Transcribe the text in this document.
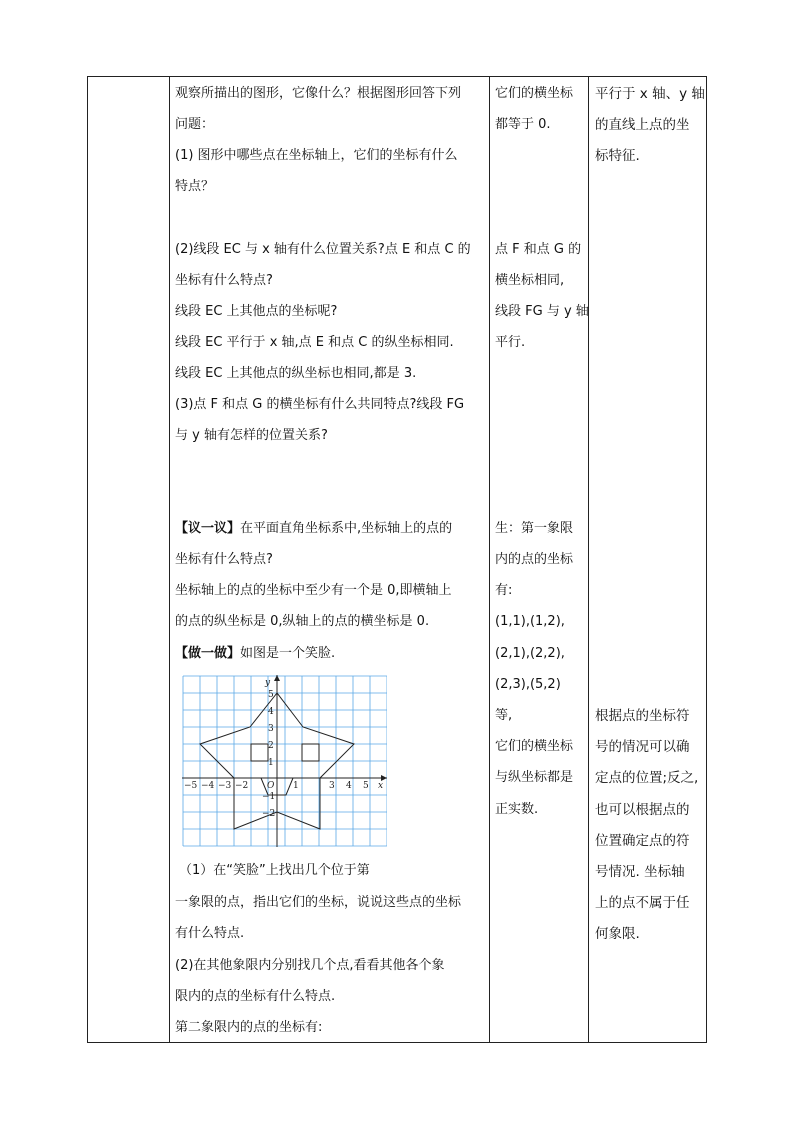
观察所描出的图形，它像什么？根据图形回答下列
问题：
(1) 图形中哪些点在坐标轴上，它们的坐标有什么
特点？
(2)线段 EC 与 x 轴有什么位置关系?点 E 和点 C 的
坐标有什么特点?
线段 EC 上其他点的坐标呢?
线段 EC 平行于 x 轴,点 E 和点 C 的纵坐标相同.
线段 EC 上其他点的纵坐标也相同,都是 3.
(3)点 F 和点 G 的横坐标有什么共同特点?线段 FG
与 y 轴有怎样的位置关系?
【议一议】在平面直角坐标系中,坐标轴上的点的
坐标有什么特点?
坐标轴上的点的坐标中至少有一个是 0,即横轴上
的点的纵坐标是 0,纵轴上的点的横坐标是 0.
【做一做】如图是一个笑脸.
−5 −4 −3 −2	1	3 4 5 x
5
4
3
2
1
−1
−2
y
O
（1）在“笑脸”上找出几个位于第
一象限的点，指出它们的坐标，说说这些点的坐标
有什么特点.
(2)在其他象限内分别找几个点,看看其他各个象
限内的点的坐标有什么特点.
第二象限内的点的坐标有:
它们的横坐标
都等于 0.
点 F 和点 G 的
横坐标相同,
线段 FG 与 y 轴
平行.
生：第一象限
内的点的坐标
有:
(1,1),(1,2),
(2,1),(2,2),
(2,3),(5,2)
等,
它们的横坐标
与纵坐标都是
正实数.
平行于 x 轴、y 轴
的直线上点的坐
标特征.
根据点的坐标符
号的情况可以确
定点的位置;反之,
也可以根据点的
位置确定点的符
号情况. 坐标轴
上的点不属于任
何象限.
